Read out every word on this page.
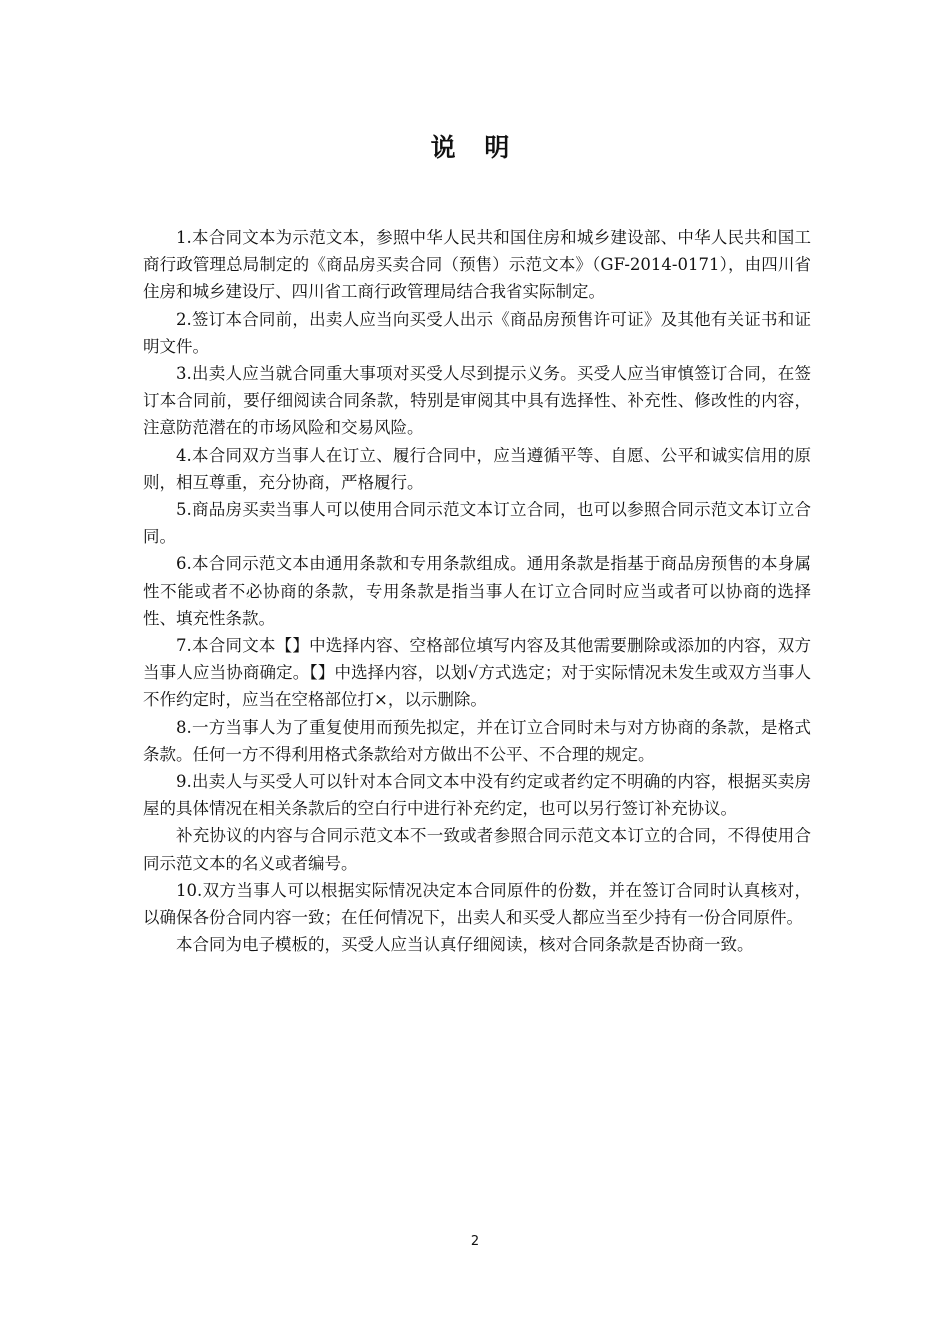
说 明

1.本合同文本为示范文本，参照中华人民共和国住房和城乡建设部、中华人民共和国工商行政管理总局制定的《商品房买卖合同（预售）示范文本》（GF-2014-0171），由四川省住房和城乡建设厅、四川省工商行政管理局结合我省实际制定。

2.签订本合同前，出卖人应当向买受人出示《商品房预售许可证》及其他有关证书和证明文件。

3.出卖人应当就合同重大事项对买受人尽到提示义务。买受人应当审慎签订合同，在签订本合同前，要仔细阅读合同条款，特别是审阅其中具有选择性、补充性、修改性的内容，注意防范潜在的市场风险和交易风险。

4.本合同双方当事人在订立、履行合同中，应当遵循平等、自愿、公平和诚实信用的原则，相互尊重，充分协商，严格履行。

5.商品房买卖当事人可以使用合同示范文本订立合同，也可以参照合同示范文本订立合同。

6.本合同示范文本由通用条款和专用条款组成。通用条款是指基于商品房预售的本身属性不能或者不必协商的条款，专用条款是指当事人在订立合同时应当或者可以协商的选择性、填充性条款。

7.本合同文本【】中选择内容、空格部位填写内容及其他需要删除或添加的内容，双方当事人应当协商确定。【】中选择内容，以划√方式选定；对于实际情况未发生或双方当事人不作约定时，应当在空格部位打×，以示删除。

8.一方当事人为了重复使用而预先拟定，并在订立合同时未与对方协商的条款，是格式条款。任何一方不得利用格式条款给对方做出不公平、不合理的规定。

9.出卖人与买受人可以针对本合同文本中没有约定或者约定不明确的内容，根据买卖房屋的具体情况在相关条款后的空白行中进行补充约定，也可以另行签订补充协议。

补充协议的内容与合同示范文本不一致或者参照合同示范文本订立的合同，不得使用合同示范文本的名义或者编号。

10.双方当事人可以根据实际情况决定本合同原件的份数，并在签订合同时认真核对，以确保各份合同内容一致；在任何情况下，出卖人和买受人都应当至少持有一份合同原件。

本合同为电子模板的，买受人应当认真仔细阅读，核对合同条款是否协商一致。

2
